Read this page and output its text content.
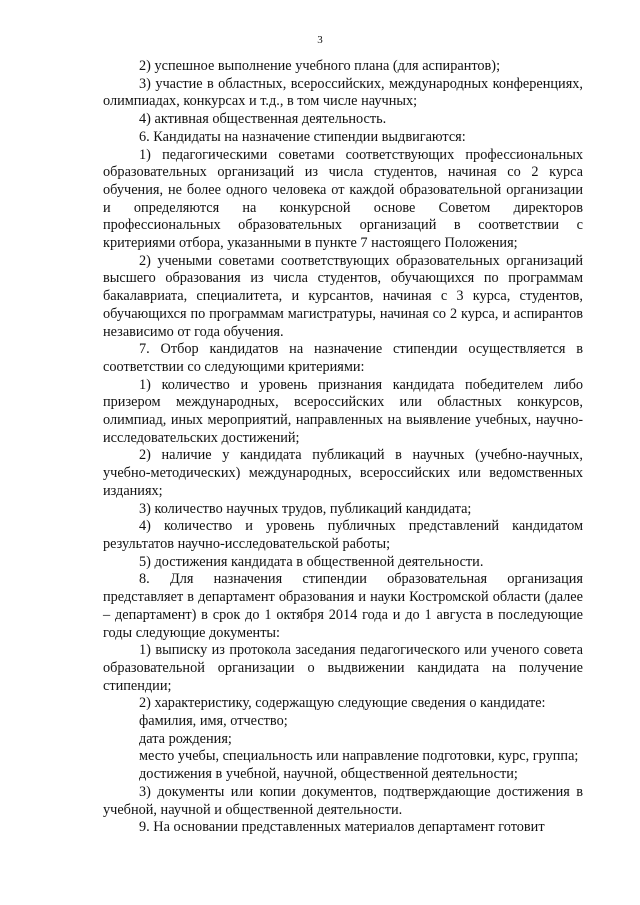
3

2) успешное выполнение учебного плана (для аспирантов);

3) участие в областных, всероссийских, международных конференциях, олимпиадах, конкурсах и т.д., в том числе научных;

4) активная общественная деятельность.

6. Кандидаты на назначение стипендии выдвигаются:

1) педагогическими советами соответствующих профессиональных образовательных организаций из числа студентов, начиная со 2 курса обучения, не более одного человека от каждой образовательной организации и определяются на конкурсной основе Советом директоров профессиональных образовательных организаций в соответствии с критериями отбора, указанными в пункте 7 настоящего Положения;

2) учеными советами соответствующих образовательных организаций высшего образования из числа студентов, обучающихся по программам бакалавриата, специалитета, и курсантов, начиная с 3 курса, студентов, обучающихся по программам магистратуры, начиная со 2 курса, и аспирантов независимо от года обучения.

7. Отбор кандидатов на назначение стипендии осуществляется в соответствии со следующими критериями:

1) количество и уровень признания кандидата победителем либо призером международных, всероссийских или областных конкурсов, олимпиад, иных мероприятий, направленных на выявление учебных, научно-исследовательских достижений;

2) наличие у кандидата публикаций в научных (учебно-научных, учебно-методических) международных, всероссийских или ведомственных изданиях;

3) количество научных трудов, публикаций кандидата;

4) количество и уровень публичных представлений кандидатом результатов научно-исследовательской работы;

5) достижения кандидата в общественной деятельности.

8. Для назначения стипендии образовательная организация представляет в департамент образования и науки Костромской области (далее – департамент) в срок до 1 октября 2014 года и до 1 августа в последующие годы следующие документы:

1) выписку из протокола заседания педагогического или ученого совета образовательной организации о выдвижении кандидата на получение стипендии;

2) характеристику, содержащую следующие сведения о кандидате:

фамилия, имя, отчество;

дата рождения;

место учебы, специальность или направление подготовки, курс, группа;

достижения в учебной, научной, общественной деятельности;

3) документы или копии документов, подтверждающие достижения в учебной, научной и общественной деятельности.

9. На основании представленных материалов департамент готовит
